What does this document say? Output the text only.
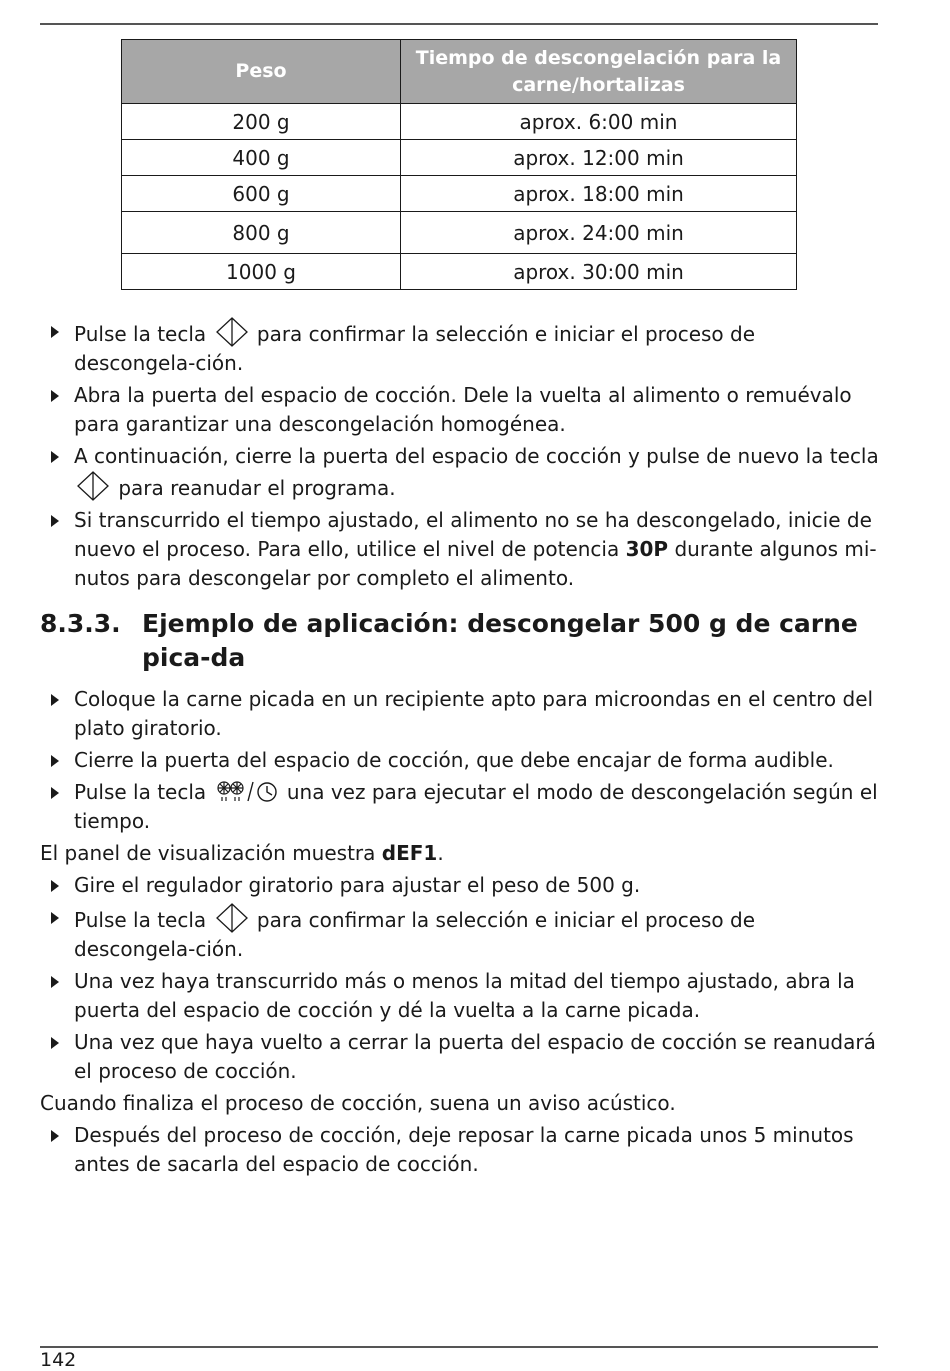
Peso	Tiempo de descongelación para la carne/hortalizas
200 g	aprox. 6:00 min
400 g	aprox. 12:00 min
600 g	aprox. 18:00 min
800 g	aprox. 24:00 min
1000 g	aprox. 30:00 min
Pulse la tecla	para confirmar la selección e iniciar el proceso de descongela-ción.
Abra la puerta del espacio de cocción. Dele la vuelta al alimento o remuévalo para garantizar una descongelación homogénea.
A continuación, cierre la puerta del espacio de cocción y pulse de nuevo la tecla  para reanudar el programa.
Si transcurrido el tiempo ajustado, el alimento no se ha descongelado, inicie de nuevo el proceso. Para ello, utilice el nivel de potencia 30P durante algunos mi-nutos para descongelar por completo el alimento.
8.3.3. Ejemplo de aplicación: descongelar 500 g de carne pica-da
Coloque la carne picada en un recipiente apto para microondas en el centro del plato giratorio.
Cierre la puerta del espacio de cocción, que debe encajar de forma audible.
Pulse la tecla	una vez para ejecutar el modo de descongelación según el tiempo.
El panel de visualización muestra dEF1.
Gire el regulador giratorio para ajustar el peso de 500 g.
Pulse la tecla	para confirmar la selección e iniciar el proceso de descongela-ción.
Una vez haya transcurrido más o menos la mitad del tiempo ajustado, abra la puerta del espacio de cocción y dé la vuelta a la carne picada.
Una vez que haya vuelto a cerrar la puerta del espacio de cocción se reanudará el proceso de cocción.
Cuando finaliza el proceso de cocción, suena un aviso acústico.
Después del proceso de cocción, deje reposar la carne picada unos 5 minutos antes de sacarla del espacio de cocción.
142
